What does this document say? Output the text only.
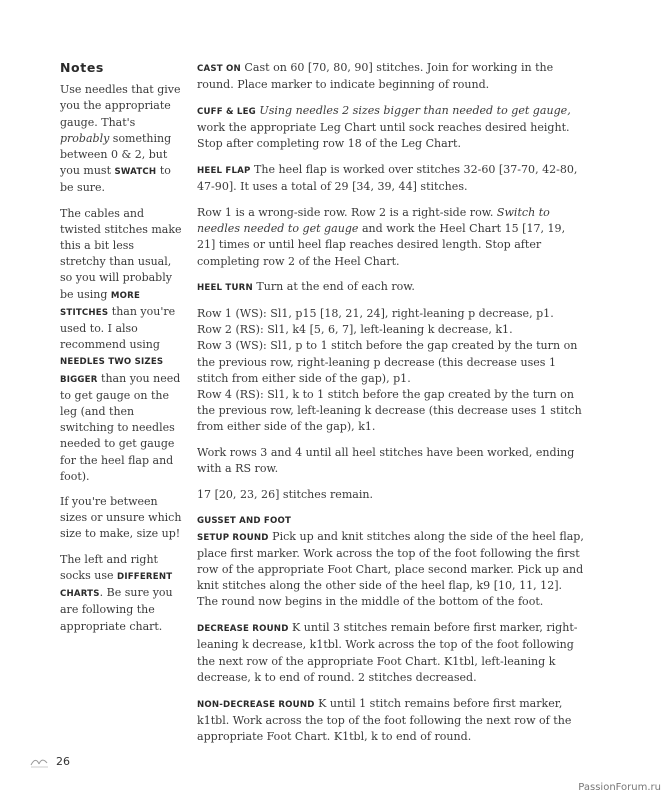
Notes

Use needles that give you the appropriate gauge. That's probably something between 0 & 2, but you must SWATCH to be sure.

The cables and twisted stitches make this a bit less stretchy than usual, so you will probably be using MORE STITCHES than you're used to. I also recommend using NEEDLES TWO SIZES BIGGER than you need to get gauge on the leg (and then switching to needles needed to get gauge for the heel flap and foot).

If you're between sizes or unsure which size to make, size up!

The left and right socks use DIFFERENT CHARTS. Be sure you are following the appropriate chart.

CAST ON Cast on 60 [70, 80, 90] stitches. Join for working in the round. Place marker to indicate beginning of round.

CUFF & LEG Using needles 2 sizes bigger than needed to get gauge, work the appropriate Leg Chart until sock reaches desired height. Stop after completing row 18 of the Leg Chart.

HEEL FLAP The heel flap is worked over stitches 32-60 [37-70, 42-80, 47-90]. It uses a total of 29 [34, 39, 44] stitches.

Row 1 is a wrong-side row. Row 2 is a right-side row. Switch to needles needed to get gauge and work the Heel Chart 15 [17, 19, 21] times or until heel flap reaches desired length. Stop after completing row 2 of the Heel Chart.

HEEL TURN Turn at the end of each row.

Row 1 (WS): Sl1, p15 [18, 21, 24], right-leaning p decrease, p1.
Row 2 (RS): Sl1, k4 [5, 6, 7], left-leaning k decrease, k1.
Row 3 (WS): Sl1, p to 1 stitch before the gap created by the turn on the previous row, right-leaning p decrease (this decrease uses 1 stitch from either side of the gap), p1.
Row 4 (RS): Sl1, k to 1 stitch before the gap created by the turn on the previous row, left-leaning k decrease (this decrease uses 1 stitch from either side of the gap), k1.

Work rows 3 and 4 until all heel stitches have been worked, ending with a RS row.

17 [20, 23, 26] stitches remain.

GUSSET AND FOOT

SETUP ROUND Pick up and knit stitches along the side of the heel flap, place first marker. Work across the top of the foot following the first row of the appropriate Foot Chart, place second marker. Pick up and knit stitches along the other side of the heel flap, k9 [10, 11, 12]. The round now begins in the middle of the bottom of the foot.

DECREASE ROUND K until 3 stitches remain before first marker, right-leaning k decrease, k1tbl. Work across the top of the foot following the next row of the appropriate Foot Chart. K1tbl, left-leaning k decrease, k to end of round. 2 stitches decreased.

NON-DECREASE ROUND K until 1 stitch remains before first marker, k1tbl. Work across the top of the foot following the next row of the appropriate Foot Chart. K1tbl, k to end of round.

26
PassionForum.ru
